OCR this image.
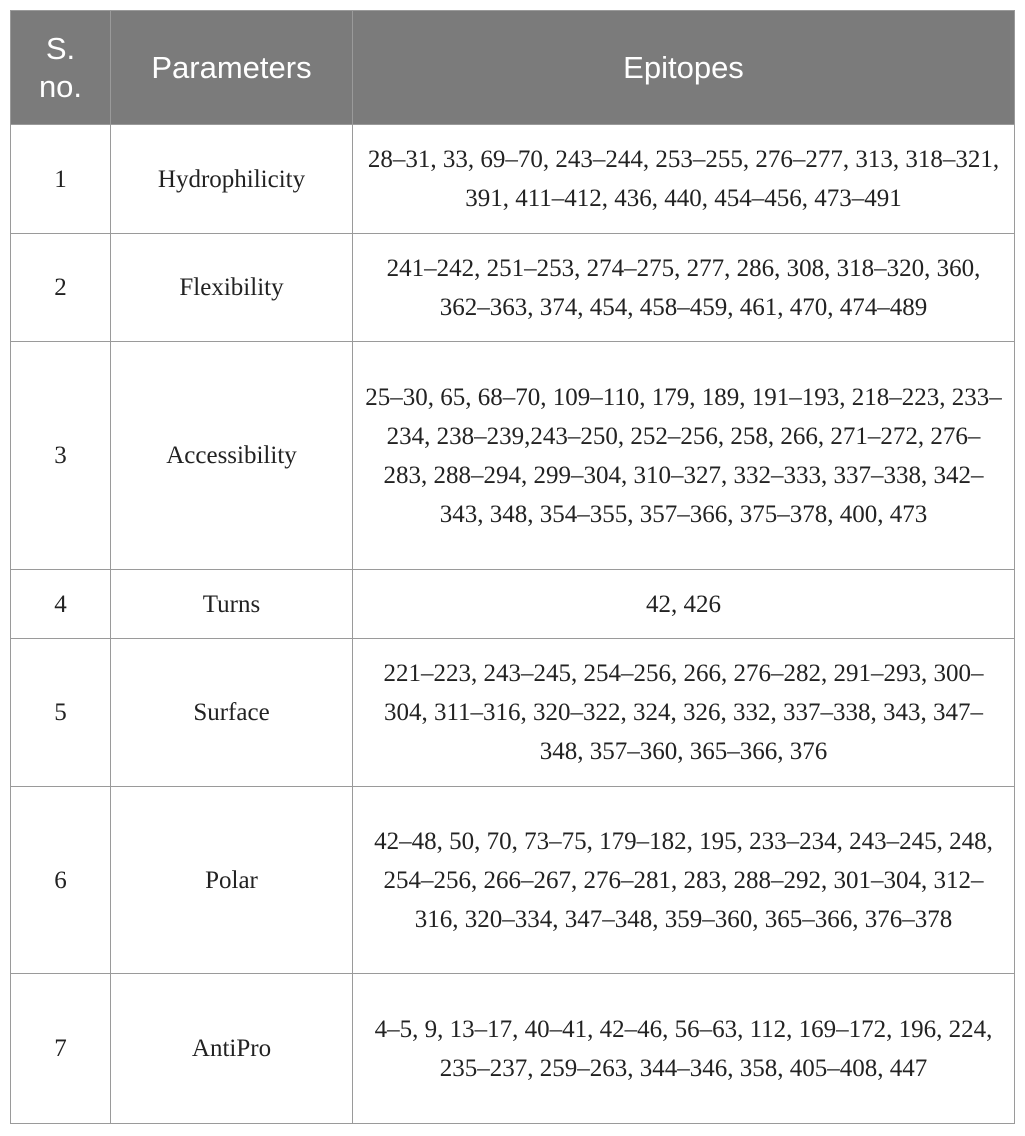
S. no.	Parameters	Epitopes
1	Hydrophilicity	28–31, 33, 69–70, 243–244, 253–255, 276–277, 313, 318–321, 391, 411–412, 436, 440, 454–456, 473–491
2	Flexibility	241–242, 251–253, 274–275, 277, 286, 308, 318–320, 360, 362–363, 374, 454, 458–459, 461, 470, 474–489
3	Accessibility	25–30, 65, 68–70, 109–110, 179, 189, 191–193, 218–223, 233–234, 238–239,243–250, 252–256, 258, 266, 271–272, 276–283, 288–294, 299–304, 310–327, 332–333, 337–338, 342–343, 348, 354–355, 357–366, 375–378, 400, 473
4	Turns	42, 426
5	Surface	221–223, 243–245, 254–256, 266, 276–282, 291–293, 300–304, 311–316, 320–322, 324, 326, 332, 337–338, 343, 347–348, 357–360, 365–366, 376
6	Polar	42–48, 50, 70, 73–75, 179–182, 195, 233–234, 243–245, 248, 254–256, 266–267, 276–281, 283, 288–292, 301–304, 312–316, 320–334, 347–348, 359–360, 365–366, 376–378
7	AntiPro	4–5, 9, 13–17, 40–41, 42–46, 56–63, 112, 169–172, 196, 224, 235–237, 259–263, 344–346, 358, 405–408, 447
